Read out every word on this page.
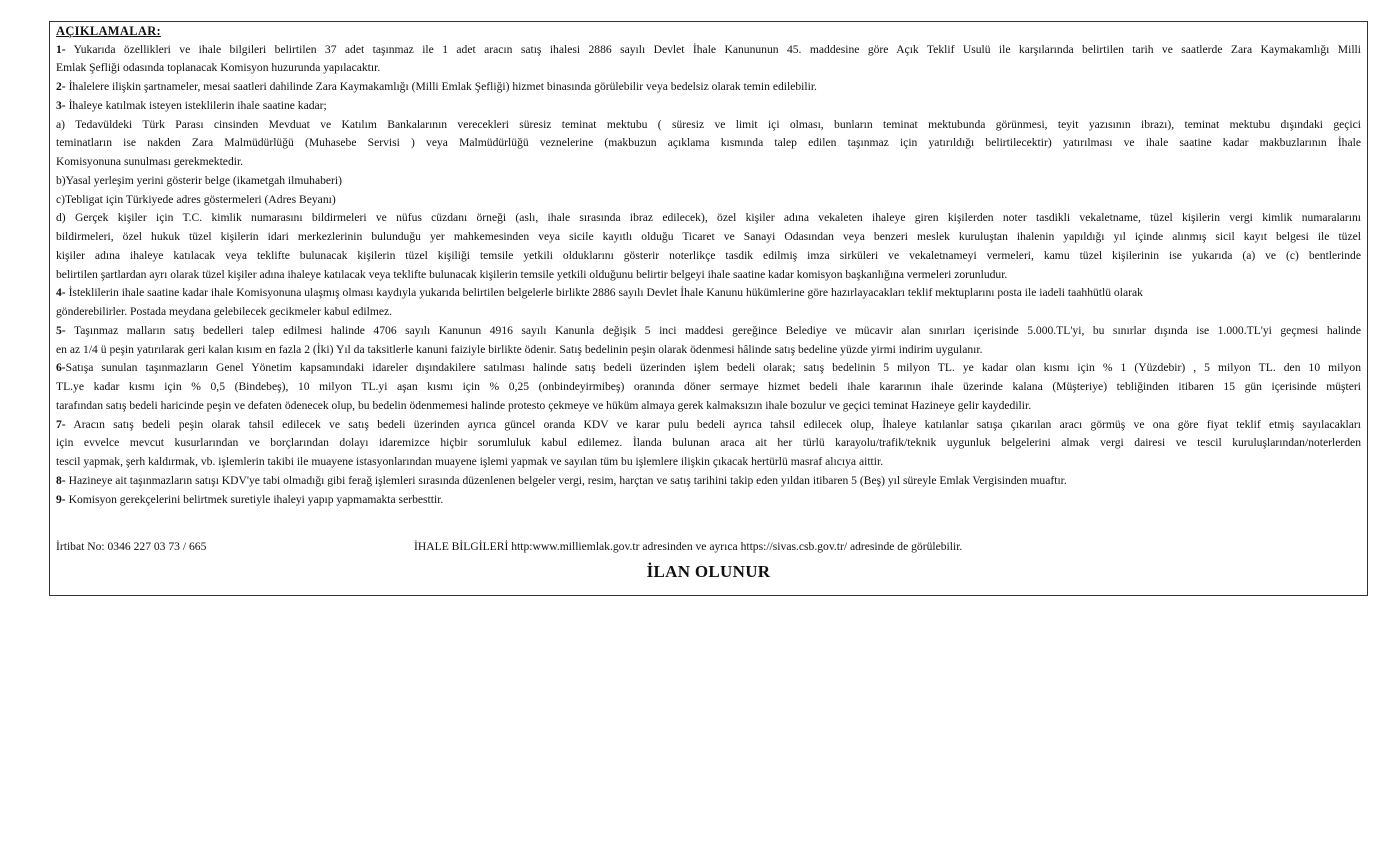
AÇIKLAMALAR:
1- Yukarıda özellikleri ve ihale bilgileri belirtilen 37 adet taşınmaz ile 1 adet aracın satış ihalesi 2886 sayılı Devlet İhale Kanununun 45. maddesine göre Açık Teklif Usulü ile karşılarında belirtilen tarih ve saatlerde Zara Kaymakamlığı Milli
Emlak Şefliği odasında toplanacak Komisyon huzurunda yapılacaktır.
2- İhalelere ilişkin şartnameler, mesai saatleri dahilinde Zara Kaymakamlığı (Milli Emlak Şefliği) hizmet binasında görülebilir veya bedelsiz olarak temin edilebilir.
3- İhaleye katılmak isteyen isteklilerin ihale saatine kadar;
a) Tedavüldeki Türk Parası cinsinden Mevduat ve Katılım Bankalarının verecekleri süresiz teminat mektubu ( süresiz ve limit içi olması, bunların teminat mektubunda görünmesi, teyit yazısının ibrazı), teminat mektubu dışındaki geçici
teminatların ise nakden Zara Malmüdürlüğü (Muhasebe Servisi ) veya Malmüdürlüğü veznelerine (makbuzun açıklama kısmında talep edilen taşınmaz için yatırıldığı belirtilecektir) yatırılması ve ihale saatine kadar makbuzlarının İhale
Komisyonuna sunulması gerekmektedir.
b)Yasal yerleşim yerini gösterir belge (ikametgah ilmuhaberi)
c)Tebligat için Türkiyede adres göstermeleri (Adres Beyanı)
d) Gerçek kişiler için T.C. kimlik numarasını bildirmeleri ve nüfus cüzdanı örneği (aslı, ihale sırasında ibraz edilecek), özel kişiler adına vekaleten ihaleye giren kişilerden noter tasdikli vekaletname, tüzel kişilerin vergi kimlik numaralarını
bildirmeleri, özel hukuk tüzel kişilerin idari merkezlerinin bulunduğu yer mahkemesinden veya sicile kayıtlı olduğu Ticaret ve Sanayi Odasından veya benzeri meslek kuruluştan ihalenin yapıldığı yıl içinde alınmış sicil kayıt belgesi ile tüzel
kişiler adına ihaleye katılacak veya teklifte bulunacak kişilerin tüzel kişiliği temsile yetkili olduklarını gösterir noterlikçe tasdik edilmiş imza sirküleri ve vekaletnameyi vermeleri, kamu tüzel kişilerinin ise yukarıda (a) ve (c) bentlerinde
belirtilen şartlardan ayrı olarak tüzel kişiler adına ihaleye katılacak veya teklifte bulunacak kişilerin temsile yetkili olduğunu belirtir belgeyi ihale saatine kadar komisyon başkanlığına vermeleri zorunludur.
4- İsteklilerin ihale saatine kadar ihale Komisyonuna ulaşmış olması kaydıyla yukarıda belirtilen belgelerle birlikte 2886 sayılı Devlet İhale Kanunu hükümlerine göre hazırlayacakları teklif mektuplarını posta ile iadeli taahhütlü olarak
gönderebilirler. Postada meydana gelebilecek gecikmeler kabul edilmez.
5- Taşınmaz malların satış bedelleri talep edilmesi halinde 4706 sayılı Kanunun 4916 sayılı Kanunla değişik 5 inci maddesi gereğince Belediye ve mücavir alan sınırları içerisinde 5.000.TL'yi, bu sınırlar dışında ise 1.000.TL'yi geçmesi halinde
en az 1/4 ü peşin yatırılarak geri kalan kısım en fazla 2 (İki) Yıl da taksitlerle kanuni faiziyle birlikte ödenir. Satış bedelinin peşin olarak ödenmesi hâlinde satış bedeline yüzde yirmi indirim uygulanır.
6-Satışa sunulan taşınmazların Genel Yönetim kapsamındaki idareler dışındakilere satılması halinde satış bedeli üzerinden işlem bedeli olarak; satış bedelinin 5 milyon TL. ye kadar olan kısmı için % 1 (Yüzdebir) , 5 milyon TL. den 10 milyon
TL.ye kadar kısmı için % 0,5 (Bindebeş), 10 milyon TL.yi aşan kısmı için % 0,25 (onbindeyirmibeş) oranında döner sermaye hizmet bedeli ihale kararının ihale üzerinde kalana (Müşteriye) tebliğinden itibaren 15 gün içerisinde müşteri
tarafından satış bedeli haricinde peşin ve defaten ödenecek olup, bu bedelin ödenmemesi halinde protesto çekmeye ve hüküm almaya gerek kalmaksızın ihale bozulur ve geçici teminat Hazineye gelir kaydedilir.
7- Aracın satış bedeli peşin olarak tahsil edilecek ve satış bedeli üzerinden ayrıca güncel oranda KDV ve karar pulu bedeli ayrıca tahsil edilecek olup, İhaleye katılanlar satışa çıkarılan aracı görmüş ve ona göre fiyat teklif etmiş sayılacakları
için evvelce mevcut kusurlarından ve borçlarından dolayı idaremizce hiçbir sorumluluk kabul edilemez. İlanda bulunan araca ait her türlü karayolu/trafik/teknik uygunluk belgelerini almak vergi dairesi ve tescil kuruluşlarından/noterlerden
tescil yapmak, şerh kaldırmak, vb. işlemlerin takibi ile muayene istasyonlarından muayene işlemi yapmak ve sayılan tüm bu işlemlere ilişkin çıkacak hertürlü masraf alıcıya aittir.
8- Hazineye ait taşınmazların satışı KDV'ye tabi olmadığı gibi ferağ işlemleri sırasında düzenlenen belgeler vergi, resim, harçtan ve satış tarihini takip eden yıldan itibaren 5 (Beş) yıl süreyle Emlak Vergisinden muaftır.
9- Komisyon gerekçelerini belirtmek suretiyle ihaleyi yapıp yapmamakta serbesttir.
İrtibat No: 0346 227 03 73 / 665	İHALE BİLGİLERİ http:www.milliemlak.gov.tr adresinden ve ayrıca https://sivas.csb.gov.tr/ adresinde de görülebilir.
İLAN OLUNUR
